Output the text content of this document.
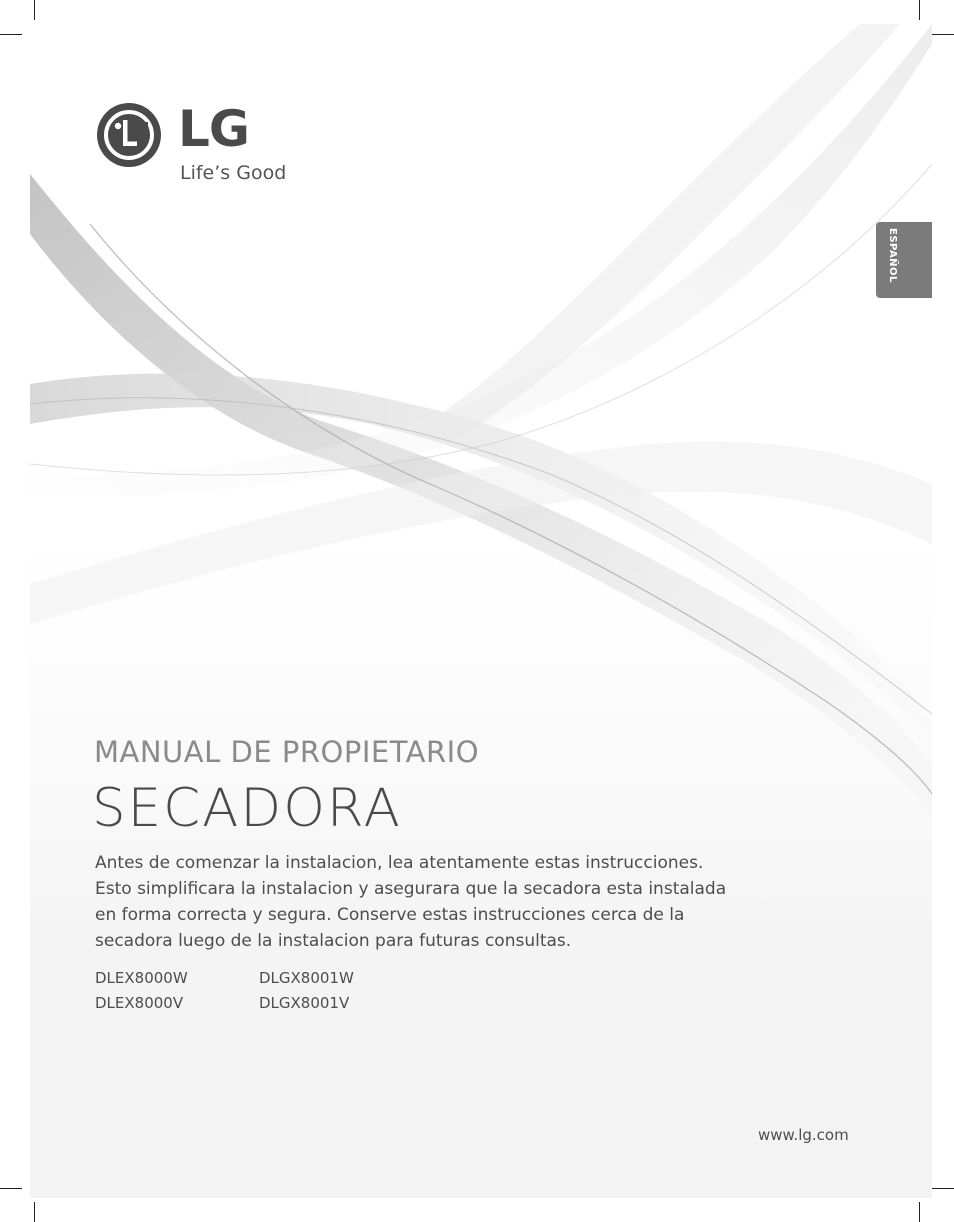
LG
Life’s Good
ESPAÑOL
MANUAL DE PROPIETARIO
SECADORA
Antes de comenzar la instalacion, lea atentamente estas instrucciones.
Esto simplificara la instalacion y asegurara que la secadora esta instalada
en forma correcta y segura. Conserve estas instrucciones cerca de la
secadora luego de la instalacion para futuras consultas.
DLEX8000W
DLEX8000V
DLGX8001W
DLGX8001V
www.lg.com
